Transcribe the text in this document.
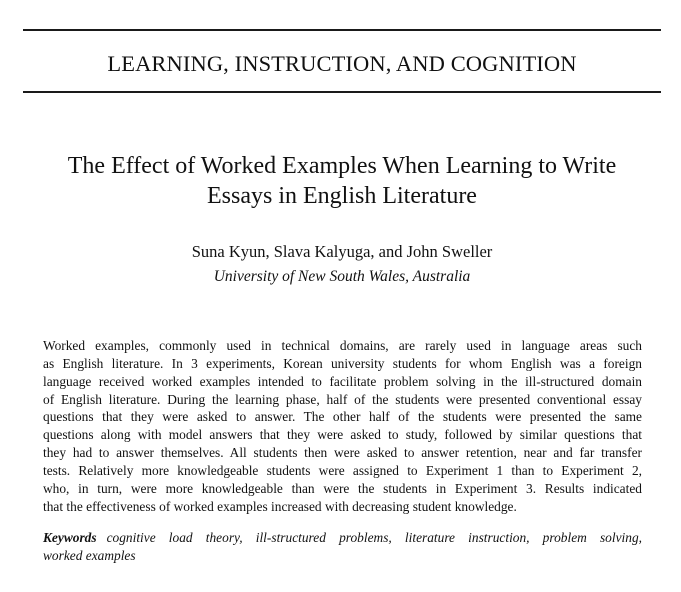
LEARNING, INSTRUCTION, AND COGNITION
The Effect of Worked Examples When Learning to Write
Essays in English Literature
Suna Kyun, Slava Kalyuga, and John Sweller
University of New South Wales, Australia
Worked examples, commonly used in technical domains, are rarely used in language areas such
as English literature. In 3 experiments, Korean university students for whom English was a foreign
language received worked examples intended to facilitate problem solving in the ill-structured domain
of English literature. During the learning phase, half of the students were presented conventional essay
questions that they were asked to answer. The other half of the students were presented the same
questions along with model answers that they were asked to study, followed by similar questions that
they had to answer themselves. All students then were asked to answer retention, near and far transfer
tests. Relatively more knowledgeable students were assigned to Experiment 1 than to Experiment 2,
who, in turn, were more knowledgeable than were the students in Experiment 3. Results indicated
that the effectiveness of worked examples increased with decreasing student knowledge.
Keywords cognitive load theory, ill-structured problems, literature instruction, problem solving,
worked examples
